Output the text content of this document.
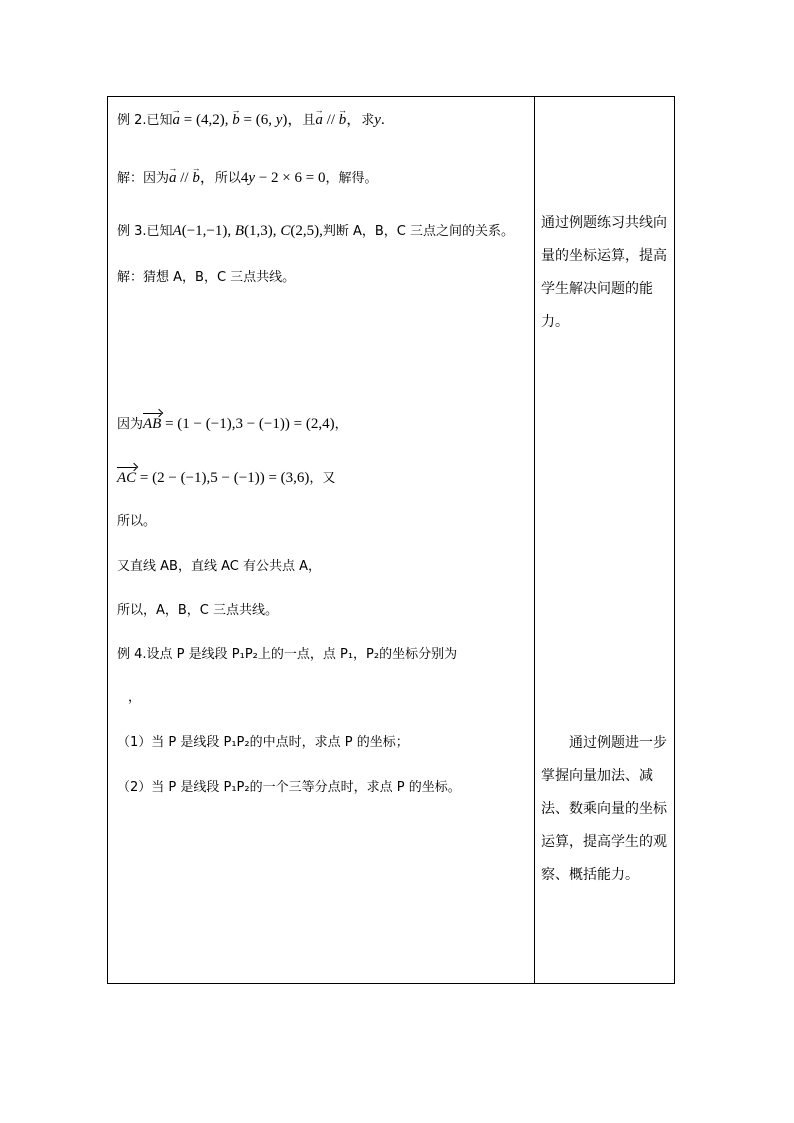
例 2.已知→ a = (4,2), → b = (6, y)，且→ a // → b，求y.
解：因为→ a // → b，所以4y − 2 × 6 = 0，解得。
例 3.已知A(−1,−1), B(1,3), C(2,5),判断 A，B，C 三点之间的关系。
解：猜想 A，B，C 三点共线。
因为AB = (1 − (−1),3 − (−1)) = (2,4)，
AC = (2 − (−1),5 − (−1)) = (3,6)，又
所以。
又直线 AB，直线 AC 有公共点 A，
所以，A，B，C 三点共线。
例 4.设点 P 是线段 P₁P₂上的一点，点 P₁，P₂的坐标分别为
，
（1）当 P 是线段 P₁P₂的中点时，求点 P 的坐标；
（2）当 P 是线段 P₁P₂的一个三等分点时，求点 P 的坐标。
通过例题练习共线向量的坐标运算，提高学生解决问题的能力。
通过例题进一步掌握向量加法、减法、数乘向量的坐标运算，提高学生的观察、概括能力。
